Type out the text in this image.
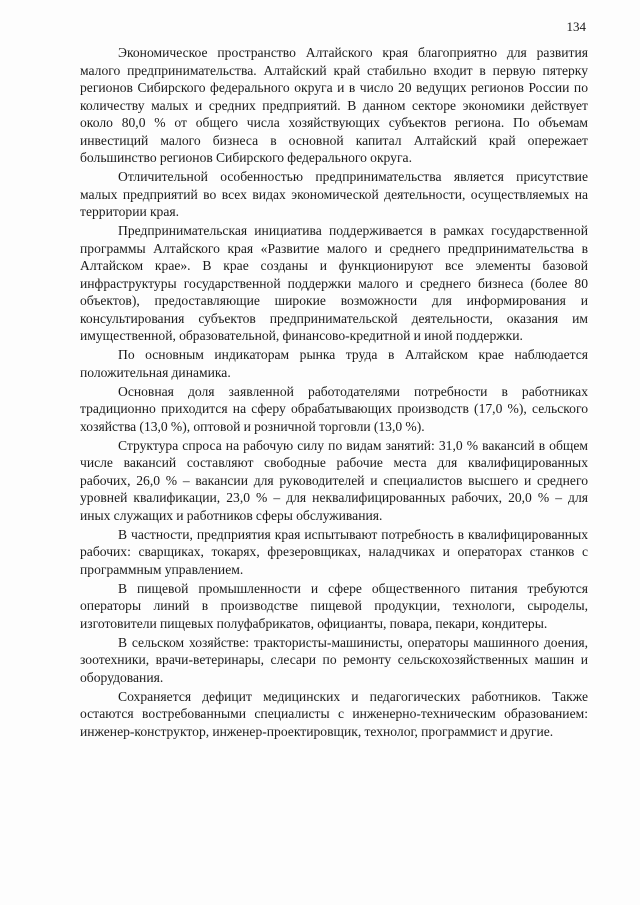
134

Экономическое пространство Алтайского края благоприятно для развития малого предпринимательства. Алтайский край стабильно входит в первую пятерку регионов Сибирского федерального округа и в число 20 ведущих регионов России по количеству малых и средних предприятий. В данном секторе экономики действует около 80,0 % от общего числа хозяйствующих субъектов региона. По объемам инвестиций малого бизнеса в основной капитал Алтайский край опережает большинство регионов Сибирского федерального округа.

Отличительной особенностью предпринимательства является присутствие малых предприятий во всех видах экономической деятельности, осуществляемых на территории края.

Предпринимательская инициатива поддерживается в рамках государственной программы Алтайского края «Развитие малого и среднего предпринимательства в Алтайском крае». В крае созданы и функционируют все элементы базовой инфраструктуры государственной поддержки малого и среднего бизнеса (более 80 объектов), предоставляющие широкие возможности для информирования и консультирования субъектов предпринимательской деятельности, оказания им имущественной, образовательной, финансово-кредитной и иной поддержки.

По основным индикаторам рынка труда в Алтайском крае наблюдается положительная динамика.

Основная доля заявленной работодателями потребности в работниках традиционно приходится на сферу обрабатывающих производств (17,0 %), сельского хозяйства (13,0 %), оптовой и розничной торговли (13,0 %).

Структура спроса на рабочую силу по видам занятий: 31,0 % вакансий в общем числе вакансий составляют свободные рабочие места для квалифицированных рабочих, 26,0 % – вакансии для руководителей и специалистов высшего и среднего уровней квалификации, 23,0 % – для неквалифицированных рабочих, 20,0 % – для иных служащих и работников сферы обслуживания.

В частности, предприятия края испытывают потребность в квалифицированных рабочих: сварщиках, токарях, фрезеровщиках, наладчиках и операторах станков с программным управлением.

В пищевой промышленности и сфере общественного питания требуются операторы линий в производстве пищевой продукции, технологи, сыроделы, изготовители пищевых полуфабрикатов, официанты, повара, пекари, кондитеры.

В сельском хозяйстве: трактористы-машинисты, операторы машинного доения, зоотехники, врачи-ветеринары, слесари по ремонту сельскохозяйственных машин и оборудования.

Сохраняется дефицит медицинских и педагогических работников. Также остаются востребованными специалисты с инженерно-техническим образованием: инженер-конструктор, инженер-проектировщик, технолог, программист и другие.
